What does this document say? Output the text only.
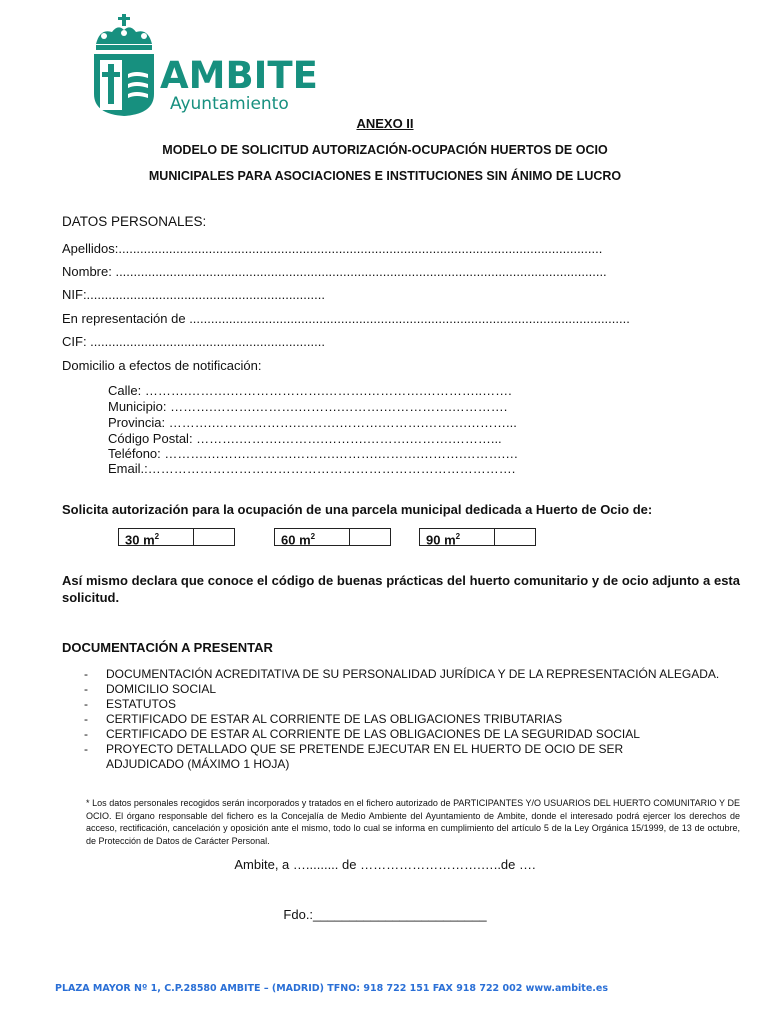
AMBITE
Ayuntamiento
ANEXO II
MODELO DE SOLICITUD AUTORIZACIÓN-OCUPACIÓN HUERTOS DE OCIO
MUNICIPALES PARA ASOCIACIONES E INSTITUCIONES SIN ÁNIMO DE LUCRO
DATOS PERSONALES:
Apellidos:......................................................................................................................................
Nombre: ........................................................................................................................................
NIF:..................................................................
En representación de ..........................................................................................................................
CIF: .................................................................
Domicilio a efectos de notificación:
Calle: ……….……….………………….……….………….…………..…….
Municipio: ……….……….……….……….……….…………….………….
Provincia: ……….……….……….……….……….……….……….………...
Código Postal: ……….……….……….……….……….……….………...
Teléfono: ……….……….……….……….……….……….……….……….…
Email.:………………………………………………………………………….
Solicita autorización para la ocupación de una parcela municipal dedicada a Huerto de Ocio de:
30 $m^2$	60 $m^2$	90 $m^2$
Así mismo declara que conoce el código de buenas prácticas del huerto comunitario y de ocio adjunto a esta solicitud.
DOCUMENTACIÓN A PRESENTAR
- DOCUMENTACIÓN ACREDITATIVA DE SU PERSONALIDAD JURÍDICA Y DE LA REPRESENTACIÓN ALEGADA.
- DOMICILIO SOCIAL
- ESTATUTOS
- CERTIFICADO DE ESTAR AL CORRIENTE DE LAS OBLIGACIONES TRIBUTARIAS
- CERTIFICADO DE ESTAR AL CORRIENTE DE LAS OBLIGACIONES DE LA SEGURIDAD SOCIAL
- PROYECTO DETALLADO QUE SE PRETENDE EJECUTAR EN EL HUERTO DE OCIO DE SER ADJUDICADO (MÁXIMO 1 HOJA)
* Los datos personales recogidos serán incorporados y tratados en el fichero autorizado de PARTICIPANTES Y/O USUARIOS DEL HUERTO COMUNITARIO Y DE OCIO. El órgano responsable del fichero es la Concejalía de Medio Ambiente del Ayuntamiento de Ambite, donde el interesado podrá ejercer los derechos de acceso, rectificación, cancelación y oposición ante el mismo, todo lo cual se informa en cumplimiento del artículo 5 de la Ley Orgánica 15/1999, de 13 de octubre, de Protección de Datos de Carácter Personal.
Ambite, a …......... de ……………………….…..de ….
Fdo.:________________________
PLAZA MAYOR Nº 1, C.P.28580 AMBITE – (MADRID) TFNO: 918 722 151 FAX 918 722 002 www.ambite.es
